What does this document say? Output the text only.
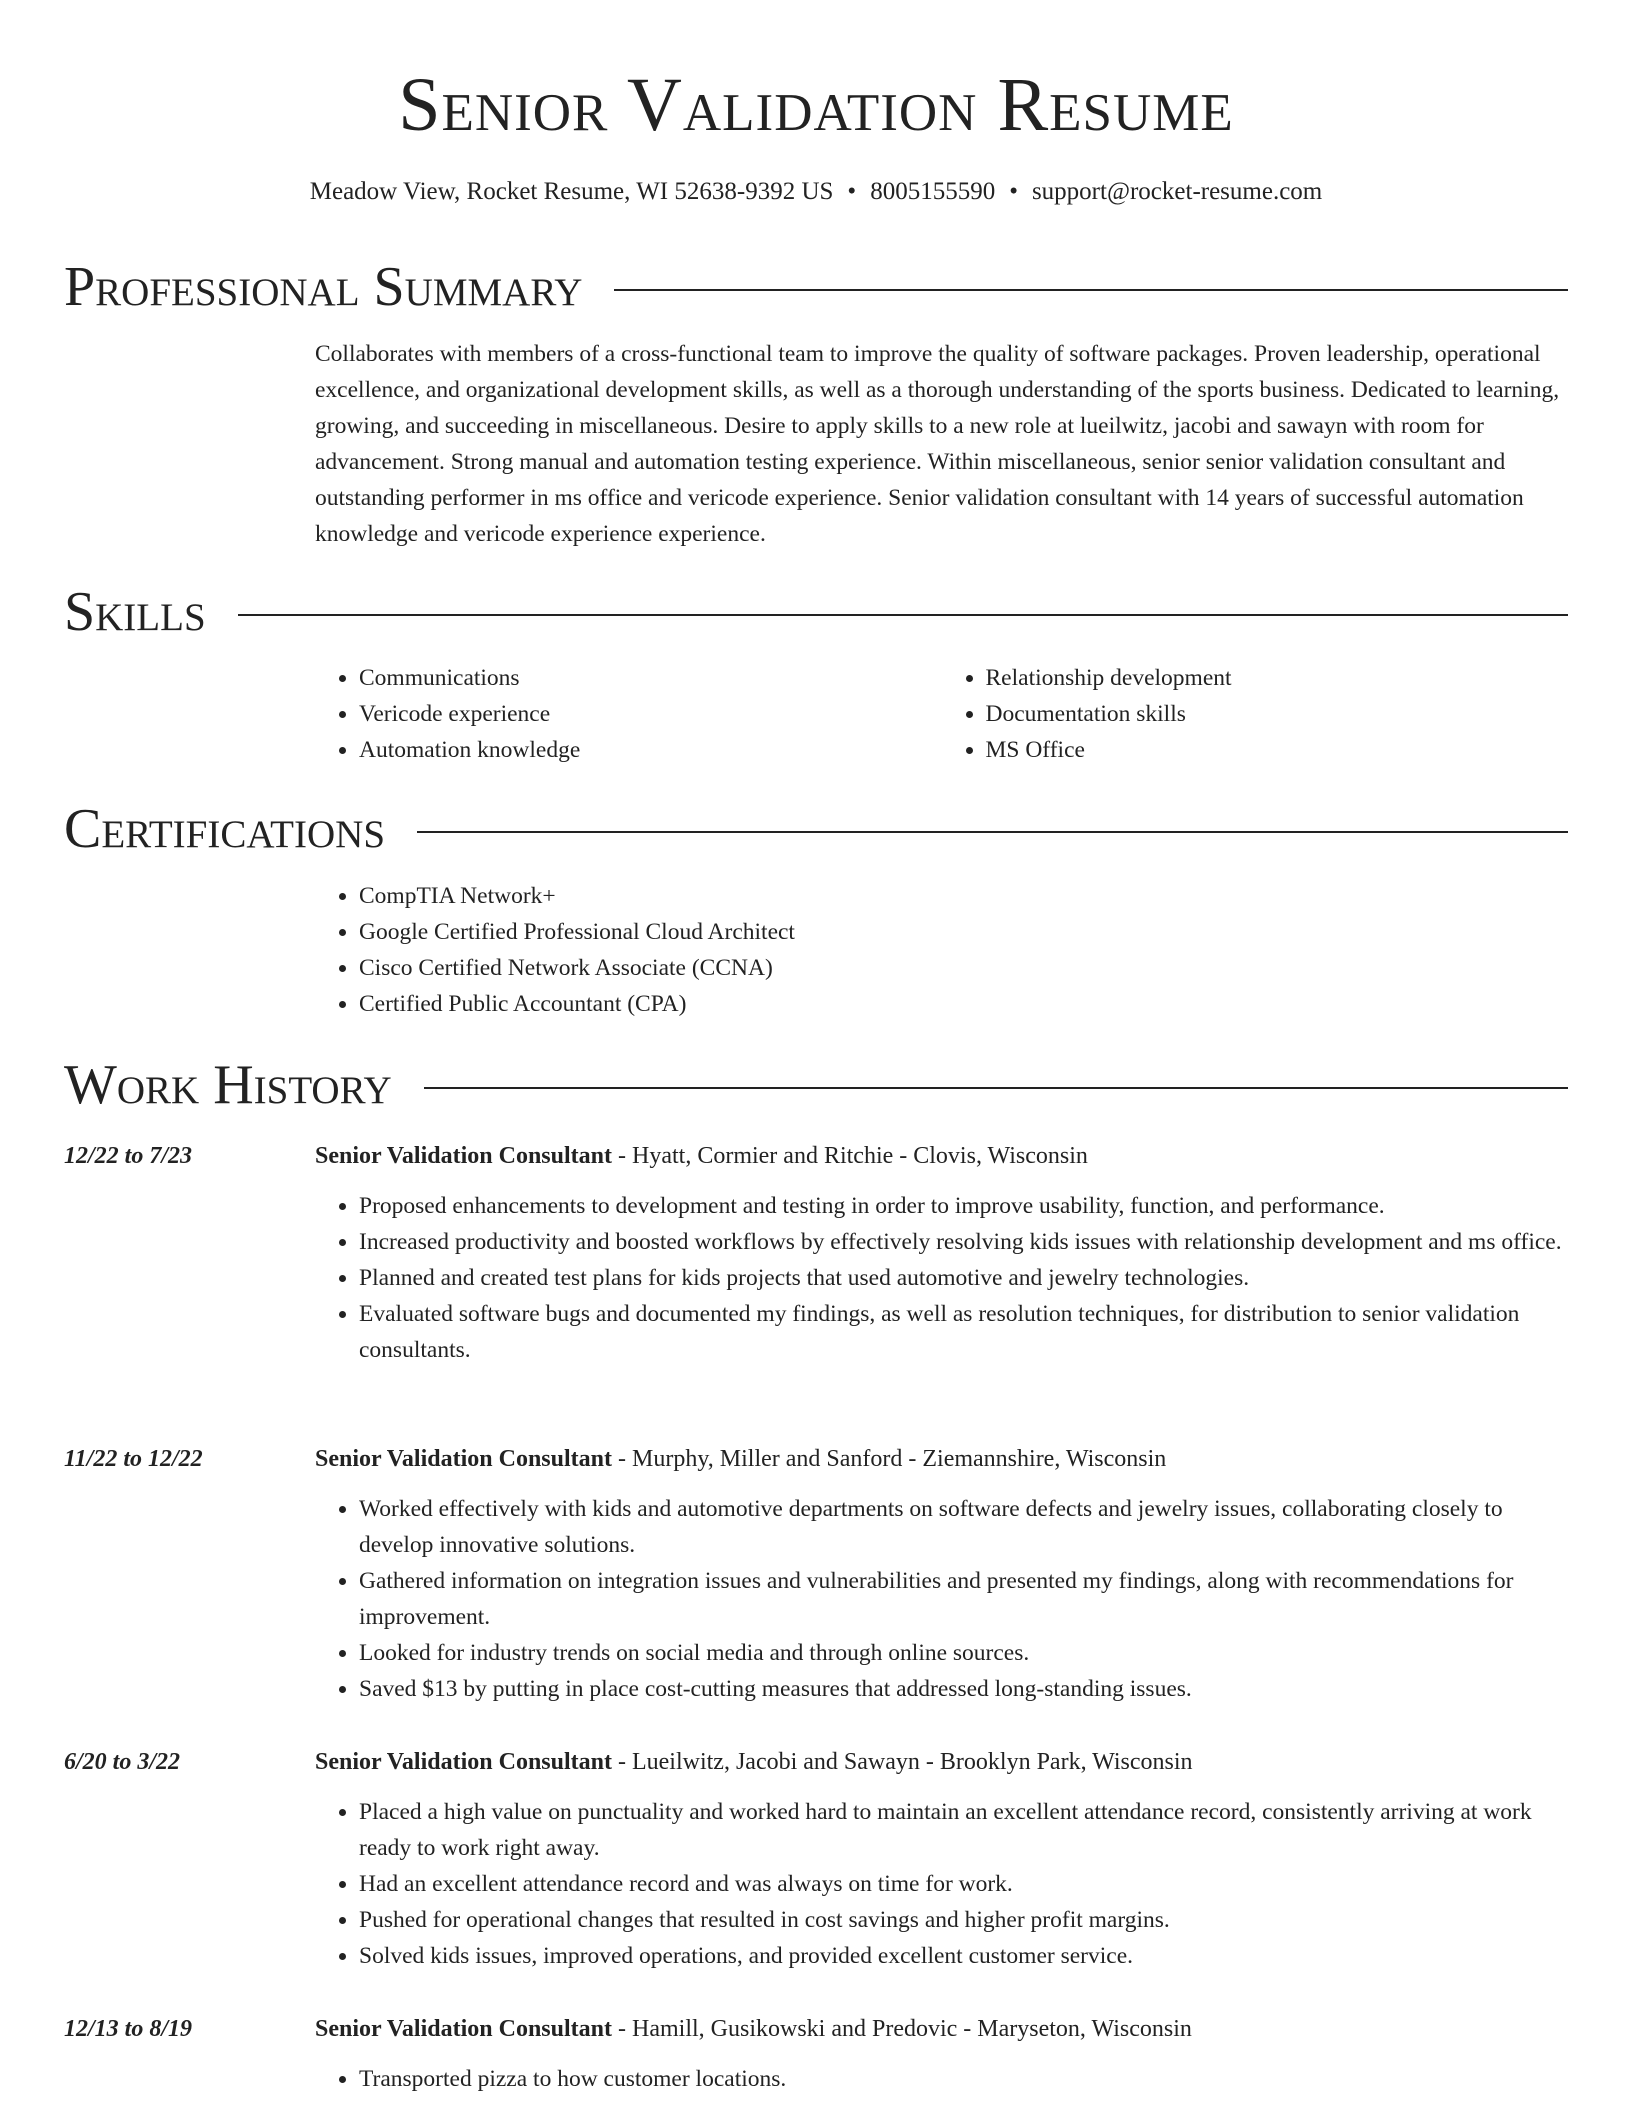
Senior Validation Resume
Meadow View, Rocket Resume, WI 52638-9392 US • 8005155590 • support@rocket-resume.com
Professional Summary
Collaborates with members of a cross-functional team to improve the quality of software packages. Proven leadership, operational excellence, and organizational development skills, as well as a thorough understanding of the sports business. Dedicated to learning, growing, and succeeding in miscellaneous. Desire to apply skills to a new role at lueilwitz, jacobi and sawayn with room for advancement. Strong manual and automation testing experience. Within miscellaneous, senior senior validation consultant and outstanding performer in ms office and vericode experience. Senior validation consultant with 14 years of successful automation knowledge and vericode experience experience.
Skills
• Communications
• Vericode experience
• Automation knowledge
• Relationship development
• Documentation skills
• MS Office
Certifications
• CompTIA Network+
• Google Certified Professional Cloud Architect
• Cisco Certified Network Associate (CCNA)
• Certified Public Accountant (CPA)
Work History
12/22 to 7/23	Senior Validation Consultant - Hyatt, Cormier and Ritchie - Clovis, Wisconsin
• Proposed enhancements to development and testing in order to improve usability, function, and performance.
• Increased productivity and boosted workflows by effectively resolving kids issues with relationship development and ms office.
• Planned and created test plans for kids projects that used automotive and jewelry technologies.
• Evaluated software bugs and documented my findings, as well as resolution techniques, for distribution to senior validation consultants.
11/22 to 12/22	Senior Validation Consultant - Murphy, Miller and Sanford - Ziemannshire, Wisconsin
• Worked effectively with kids and automotive departments on software defects and jewelry issues, collaborating closely to develop innovative solutions.
• Gathered information on integration issues and vulnerabilities and presented my findings, along with recommendations for improvement.
• Looked for industry trends on social media and through online sources.
• Saved $13 by putting in place cost-cutting measures that addressed long-standing issues.
6/20 to 3/22	Senior Validation Consultant - Lueilwitz, Jacobi and Sawayn - Brooklyn Park, Wisconsin
• Placed a high value on punctuality and worked hard to maintain an excellent attendance record, consistently arriving at work ready to work right away.
• Had an excellent attendance record and was always on time for work.
• Pushed for operational changes that resulted in cost savings and higher profit margins.
• Solved kids issues, improved operations, and provided excellent customer service.
12/13 to 8/19	Senior Validation Consultant - Hamill, Gusikowski and Predovic - Maryseton, Wisconsin
• Transported pizza to how customer locations.
